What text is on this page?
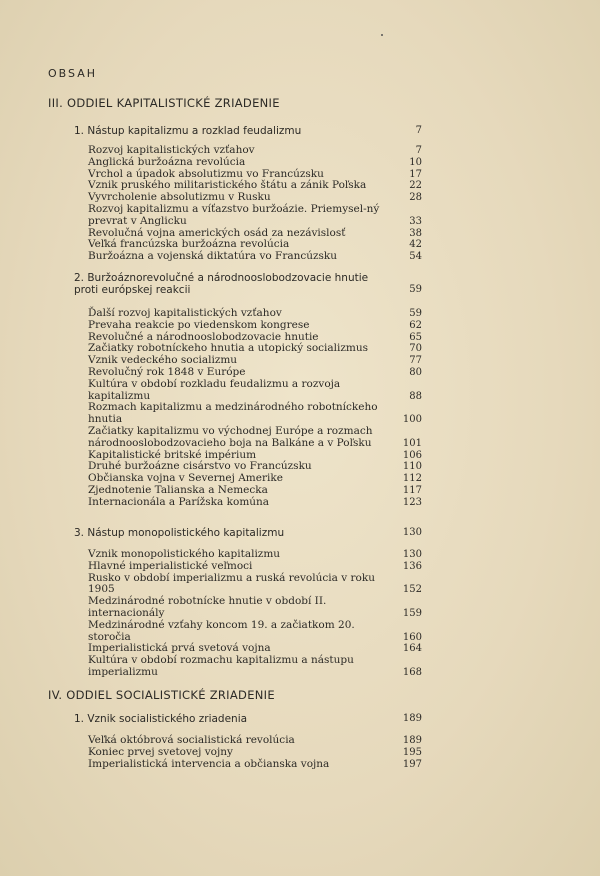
OBSAH
III. ODDIEL KAPITALISTICKÉ ZRIADENIE
1. Nástup kapitalizmu a rozklad feudalizmu	7
Rozvoj kapitalistických vzťahov	7
Anglická buržoázna revolúcia	10
Vrchol a úpadok absolutizmu vo Francúzsku	17
Vznik pruského militaristického štátu a zánik Poľska	22
Vyvrcholenie absolutizmu v Rusku	28
Rozvoj kapitalizmu a víťazstvo buržoázie. Priemysel-ný prevrat v Anglicku	33
Revolučná vojna amerických osád za nezávislosť	38
Veľká francúzska buržoázna revolúcia	42
Buržoázna a vojenská diktatúra vo Francúzsku	54
2. Buržoáznorevolučné a národnooslobodzovacie hnutie proti európskej reakcii	59
Ďalší rozvoj kapitalistických vzťahov	59
Prevaha reakcie po viedenskom kongrese	62
Revolučné a národnooslobodzovacie hnutie	65
Začiatky robotníckeho hnutia a utopický socializmus	70
Vznik vedeckého socializmu	77
Revolučný rok 1848 v Európe	80
Kultúra v období rozkladu feudalizmu a rozvoja kapitalizmu	88
Rozmach kapitalizmu a medzinárodného robotníckeho hnutia	100
Začiatky kapitalizmu vo východnej Európe a rozmach národnooslobodzovacieho boja na Balkáne a v Poľsku	101
Kapitalistické britské impérium	106
Druhé buržoázne cisárstvo vo Francúzsku	110
Občianska vojna v Severnej Amerike	112
Zjednotenie Talianska a Nemecka	117
Internacionála a Parížska komúna	123
3. Nástup monopolistického kapitalizmu	130
Vznik monopolistického kapitalizmu	130
Hlavné imperialistické veľmoci	136
Rusko v období imperializmu a ruská revolúcia v roku 1905	152
Medzinárodné robotnícke hnutie v období II. internacionály	159
Medzinárodné vzťahy koncom 19. a začiatkom 20. storočia	160
Imperialistická prvá svetová vojna	164
Kultúra v období rozmachu kapitalizmu a nástupu imperializmu	168
IV. ODDIEL SOCIALISTICKÉ ZRIADENIE
1. Vznik socialistického zriadenia	189
Veľká októbrová socialistická revolúcia	189
Koniec prvej svetovej vojny	195
Imperialistická intervencia a občianska vojna	197
